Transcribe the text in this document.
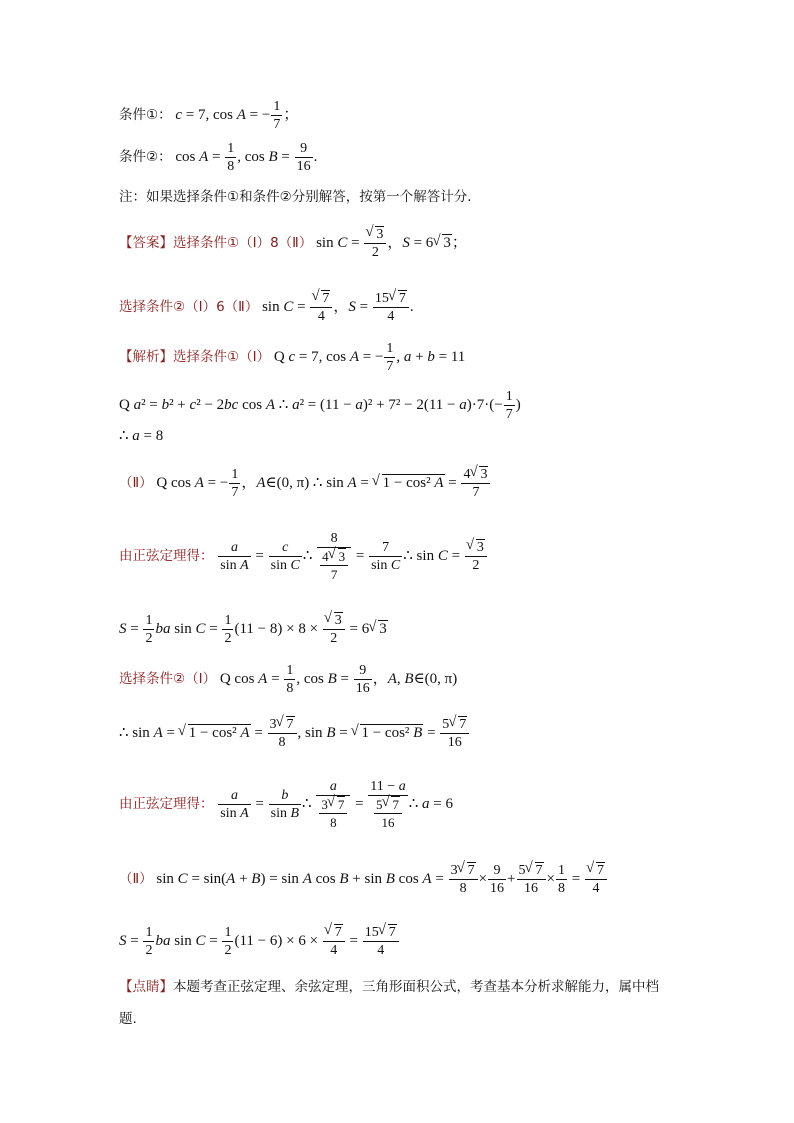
条件①： c = 7, cos A = − $\frac{1}{7}$ ；
条件②： $\cos A = \frac{1}{8}$ , $\cos B = \frac{9}{16}$ .
注：如果选择条件①和条件②分别解答，按第一个解答计分．
【答案】选择条件①（Ⅰ）8（Ⅱ） sin C =
√ $\frac{3}{2}$ ，S = 6√ 3；
选择条件②（Ⅰ）6（Ⅱ） sin C =
√ $\frac{7}{4}$ ，$S = \frac{15√ 7}{4}$ .
【解析】选择条件①（Ⅰ） Q c = 7, cos A = − $\frac{1}{7}$ , a + b = 11
Q a² = b² + c² − 2bc cos A ∴ $a^2 = (11 - a)^2 + 7^2 - 2(11 - a)\cdot 7\cdot(- \frac{1}{7}$ )
∴ a = 8
（Ⅱ） Q cos A = − $\frac{1}{7}$ ，A∈(0, π) ∴ sin A = √ 1 − cos² $A = \frac{4√ 3}{7}$
由正弦定理得： $\frac{a}{\text{sin A}} = \frac{c}{\text{sin C}}$ ∴ $\frac{8}{\frac{4√ 3}{7}} = \frac{7}{\text{sin C}}$ ∴ sin C =
√ $\frac{3}{2}$
$S = \frac{1}{2}$ ba $\sin C = \frac{1}{2} (11 - 8) \times 8$ ×
√ $\frac{3}{2} = 6√$ 3
选择条件②（Ⅰ） Q $\cos A = \frac{1}{8}$ , $\cos B = \frac{9}{16}$ ，A, B∈(0, π)
∴ sin A = √ 1 − cos² $A = \frac{3√ 7}{8}$ , sin B = √ 1 − cos² $B = \frac{5√ 7}{16}$
由正弦定理得： $\frac{a}{\text{sin A}} = \frac{b}{\text{sin B}}$ ∴ $\frac{a}{\frac{3√ 7}{8}} = \frac{11 - a}{\frac{5√ 7}{16}}$ ∴ a = 6
（Ⅱ） sin C = sin(A + B) = sin A cos B + sin B $\cos A = \frac{3√ 7}{8} \times \frac{9}{16} + \frac{5√ 7}{16} \times \frac{1}{8}$ =
√ $\frac{7}{4}$
$S = \frac{1}{2}$ ba $\sin C = \frac{1}{2} (11 - 6) \times 6$ ×
√ $\frac{7}{4} = \frac{15√ 7}{4}$
【点睛】本题考查正弦定理、余弦定理，三角形面积公式，考查基本分析求解能力，属中档
题.
